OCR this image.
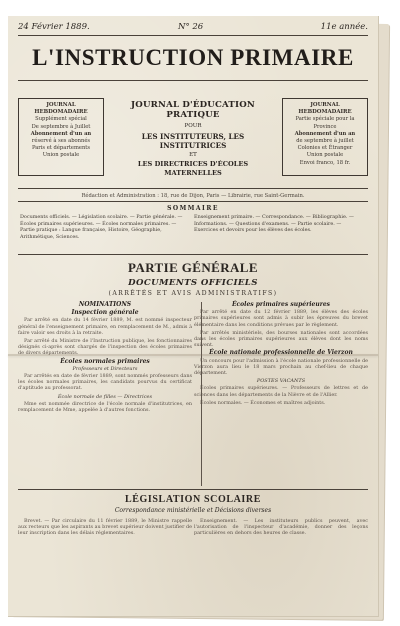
24 Février 1889.	N° 26	11e année.
L'INSTRUCTION PRIMAIRE
JOURNAL HEBDOMADAIRE
Supplément spécial
De septembre à Juillet
Abonnement d'un an
réservé à ses abonnés
Paris et départements
Union postale
JOURNAL D'ÉDUCATION PRATIQUE
POUR
LES INSTITUTEURS, LES INSTITUTRICES
ET
LES DIRECTRICES D'ÉCOLES
MATERNELLES
JOURNAL HEBDOMADAIRE
Partie spéciale pour la Province
Abonnement d'un an
de septembre à juillet
Colonies et Étranger
Union postale
Envoi franco, 18 fr.
Rédaction et Administration : 18, rue de Dijon, Paris — Librairie, rue Saint-Germain.
SOMMAIRE
Documents officiels. — Législation scolaire. — Partie générale. — Écoles primaires supérieures. — Écoles normales primaires. — Partie pratique : Langue française, Histoire, Géographie, Arithmétique, Sciences.
Enseignement primaire. — Correspondance. — Bibliographie. — Informations. — Questions d'examens. — Partie scolaire. — Exercices et devoirs pour les élèves des écoles.
PARTIE GÉNÉRALE
DOCUMENTS OFFICIELS
(ARRÊTÉS ET AVIS ADMINISTRATIFS)
NOMINATIONS
Inspection générale
Par arrêté en date du 14 février 1889, M. est nommé inspecteur général de l'enseignement primaire, en remplacement de M., admis à faire valoir ses droits à la retraite.
Par arrêté du Ministre de l'Instruction publique, les fonctionnaires désignés ci-après sont chargés de l'inspection des écoles primaires de divers départements.
Écoles normales primaires
Professeurs et Directeurs
Par arrêtés en date de février 1889, sont nommés professeurs dans les écoles normales primaires, les candidats pourvus du certificat d'aptitude au professorat.
École normale de filles — Directrices
Mme est nommée directrice de l'école normale d'institutrices, en remplacement de Mme, appelée à d'autres fonctions.
Écoles primaires supérieures
Par arrêté en date du 12 février 1889, les élèves des écoles primaires supérieures sont admis à subir les épreuves du brevet élémentaire dans les conditions prévues par le règlement.
Par arrêtés ministériels, des bourses nationales sont accordées dans les écoles primaires supérieures aux élèves dont les noms suivent.
École nationale professionnelle de Vierzon
Un concours pour l'admission à l'école nationale professionnelle de Vierzon aura lieu le 18 mars prochain au chef-lieu de chaque département.
POSTES VACANTS
Écoles primaires supérieures. — Professeurs de lettres et de sciences dans les départements de la Nièvre et de l'Allier.
Écoles normales. — Économes et maîtres adjoints.
LÉGISLATION SCOLAIRE
Correspondance ministérielle et Décisions diverses
Brevet. — Par circulaire du 11 février 1889, le Ministre rappelle aux recteurs que les aspirants au brevet supérieur doivent justifier de leur inscription dans les délais réglementaires.
Enseignement. — Les instituteurs publics peuvent, avec l'autorisation de l'inspecteur d'académie, donner des leçons particulières en dehors des heures de classe.
